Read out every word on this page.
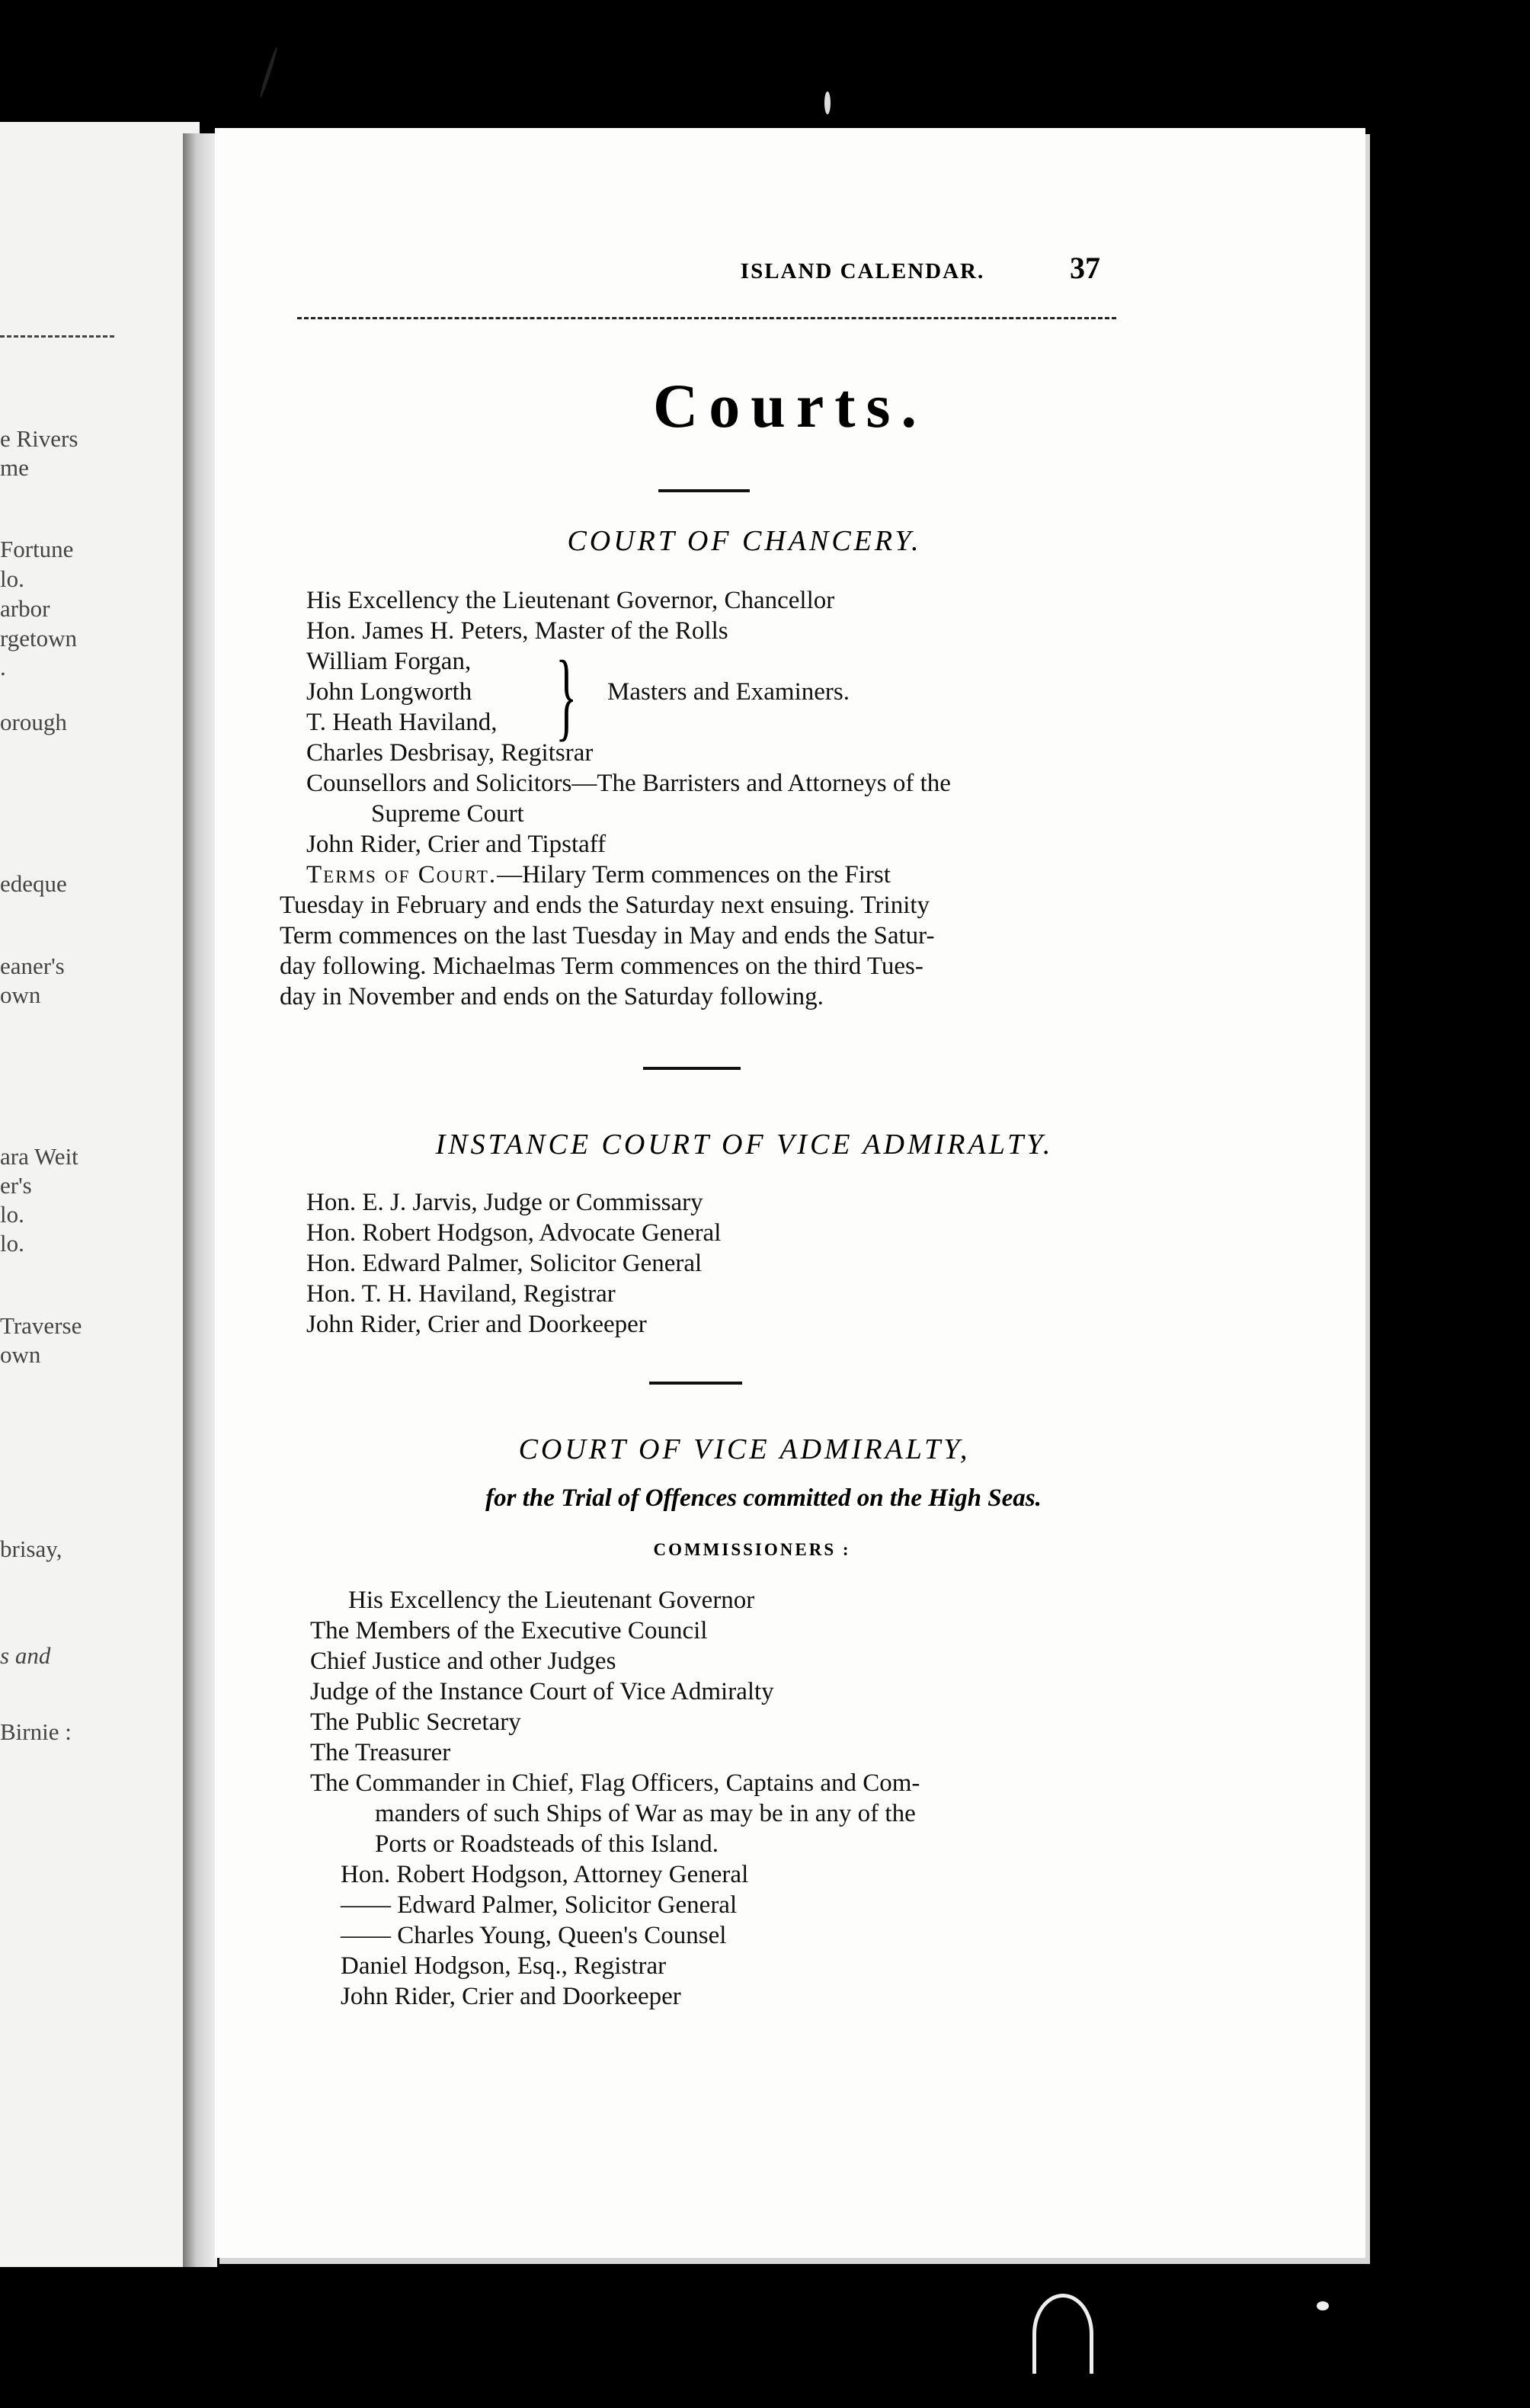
e Rivers
me
Fortune
lo.
arbor
rgetown
.
orough
edeque
eaner's
own
ara Weit
er's
lo.
lo.
Traverse
own
brisay,
s and
Birnie :
ISLAND CALENDAR.	37
Courts.
COURT OF CHANCERY.
His Excellency the Lieutenant Governor, Chancellor
Hon. James H. Peters, Master of the Rolls
William Forgan,
John Longworth
T. Heath Haviland, } Masters and Examiners.
Charles Desbrisay, Regitsrar
Counsellors and Solicitors—The Barristers and Attorneys of the
Supreme Court
John Rider, Crier and Tipstaff
Terms of Court.—Hilary Term commences on the First
Tuesday in February and ends the Saturday next ensuing. Trinity
Term commences on the last Tuesday in May and ends the Satur-
day following. Michaelmas Term commences on the third Tues-
day in November and ends on the Saturday following.
INSTANCE COURT OF VICE ADMIRALTY.
Hon. E. J. Jarvis, Judge or Commissary
Hon. Robert Hodgson, Advocate General
Hon. Edward Palmer, Solicitor General
Hon. T. H. Haviland, Registrar
John Rider, Crier and Doorkeeper
COURT OF VICE ADMIRALTY,
for the Trial of Offences committed on the High Seas.
COMMISSIONERS :
His Excellency the Lieutenant Governor
The Members of the Executive Council
Chief Justice and other Judges
Judge of the Instance Court of Vice Admiralty
The Public Secretary
The Treasurer
The Commander in Chief, Flag Officers, Captains and Com-
manders of such Ships of War as may be in any of the
Ports or Roadsteads of this Island.
Hon. Robert Hodgson, Attorney General
—— Edward Palmer, Solicitor General
—— Charles Young, Queen's Counsel
Daniel Hodgson, Esq., Registrar
John Rider, Crier and Doorkeeper
